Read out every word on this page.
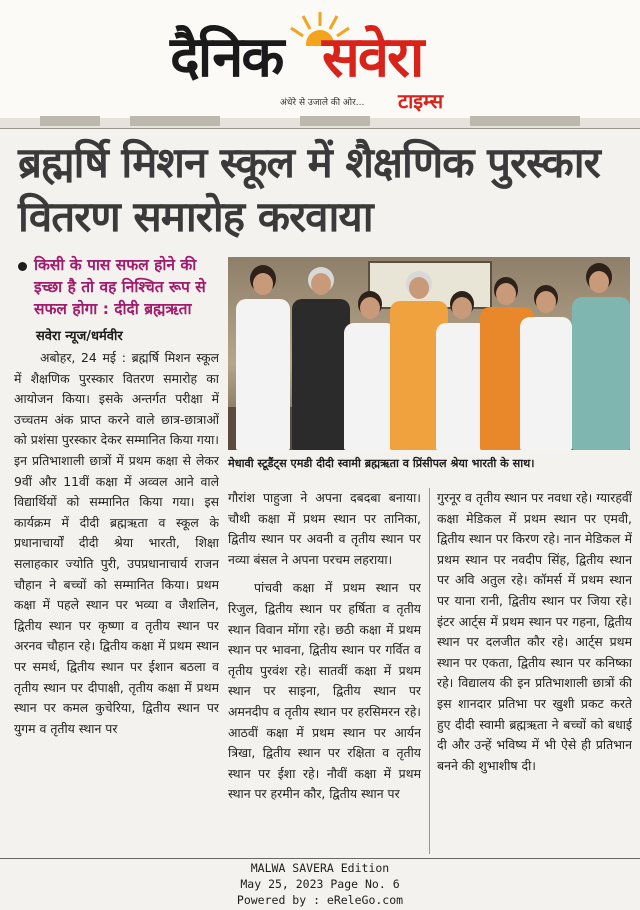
दैनिक सवेरा
अंधेरे से उजाले की ओर... टाइम्स
ब्रह्मर्षि मिशन स्कूल में शैक्षणिक पुरस्कार वितरण समारोह करवाया

किसी के पास सफल होने की इच्छा है तो वह निश्चित रूप से सफल होगा : दीदी ब्रह्मऋता

सवेरा न्यूज/धर्मवीर

अबोहर, 24 मई : ब्रह्मर्षि मिशन स्कूल में शैक्षणिक पुरस्कार वितरण समारोह का आयोजन किया। इसके अन्तर्गत परीक्षा में उच्चतम अंक प्राप्त करने वाले छात्र-छात्राओं को प्रशंसा पुरस्कार देकर सम्मानित किया गया। इन प्रतिभाशाली छात्रों में प्रथम कक्षा से लेकर 9वीं और 11वीं कक्षा में अव्वल आने वाले विद्यार्थियों को सम्मानित किया गया। इस कार्यक्रम में दीदी ब्रह्मऋता व स्कूल के प्रधानाचार्यों दीदी श्रेया भारती, शिक्षा सलाहकार ज्योति पुरी, उपप्रधानाचार्य राजन चौहान ने बच्चों को सम्मानित किया। प्रथम कक्षा में पहले स्थान पर भव्या व जैशलिन, द्वितीय स्थान पर कृष्णा व तृतीय स्थान पर अरनव चौहान रहे। द्वितीय कक्षा में प्रथम स्थान पर समर्थ, द्वितीय स्थान पर ईशान बठला व तृतीय स्थान पर दीपाक्षी, तृतीय कक्षा में प्रथम स्थान पर कमल कुचेरिया, द्वितीय स्थान पर युगम व तृतीय स्थान पर

मेधावी स्टूडैंट्स एमडी दीदी स्वामी ब्रह्मऋता व प्रिंसीपल श्रेया भारती के साथ।

गौरांश पाहुजा ने अपना दबदबा बनाया। चौथी कक्षा में प्रथम स्थान पर तानिका, द्वितीय स्थान पर अवनी व तृतीय स्थान पर नव्या बंसल ने अपना परचम लहराया।

पांचवी कक्षा में प्रथम स्थान पर रिजुल, द्वितीय स्थान पर हर्षिता व तृतीय स्थान विवान मोंगा रहे। छठी कक्षा में प्रथम स्थान पर भावना, द्वितीय स्थान पर गर्वित व तृतीय पुरवंश रहे। सातवीं कक्षा में प्रथम स्थान पर साइना, द्वितीय स्थान पर अमनदीप व तृतीय स्थान पर हरसिमरन रहे। आठवीं कक्षा में प्रथम स्थान पर आर्यन त्रिखा, द्वितीय स्थान पर रक्षिता व तृतीय स्थान पर ईशा रहे। नौवीं कक्षा में प्रथम स्थान पर हरमीन कौर, द्वितीय स्थान पर

गुरनूर व तृतीय स्थान पर नवधा रहे। ग्यारहवीं कक्षा मेडिकल में प्रथम स्थान पर एमवी, द्वितीय स्थान पर किरण रहे। नान मेडिकल में प्रथम स्थान पर नवदीप सिंह, द्वितीय स्थान पर अवि अतुल रहे। कॉमर्स में प्रथम स्थान पर याना रानी, द्वितीय स्थान पर जिया रहे। इंटर आर्ट्स में प्रथम स्थान पर गहना, द्वितीय स्थान पर दलजीत कौर रहे। आर्ट्स प्रथम स्थान पर एकता, द्वितीय स्थान पर कनिष्का रहे। विद्यालय की इन प्रतिभाशाली छात्रों की इस शानदार प्रतिभा पर खुशी प्रकट करते हुए दीदी स्वामी ब्रह्मऋता ने बच्चों को बधाई दी और उन्हें भविष्य में भी ऐसे ही प्रतिभान बनने की शुभाशीष दी।

MALWA SAVERA Edition
May 25, 2023 Page No. 6
Powered by : eReleGo.com
